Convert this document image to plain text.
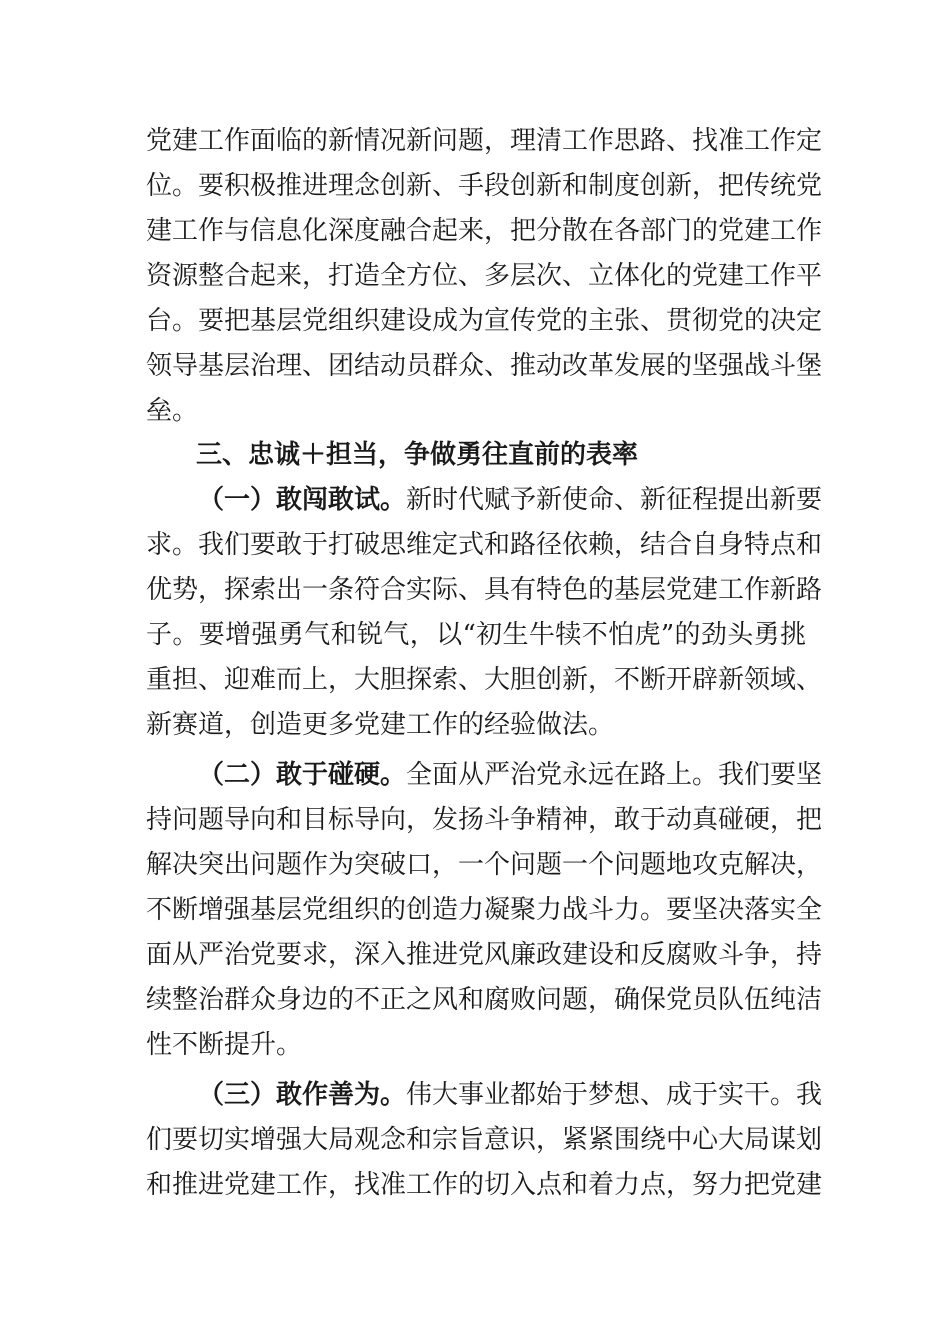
党建工作面临的新情况新问题，理清工作思路、找准工作定
位。要积极推进理念创新、手段创新和制度创新，把传统党
建工作与信息化深度融合起来，把分散在各部门的党建工作
资源整合起来，打造全方位、多层次、立体化的党建工作平
台。要把基层党组织建设成为宣传党的主张、贯彻党的决定
领导基层治理、团结动员群众、推动改革发展的坚强战斗堡
垒。
三、忠诚＋担当，争做勇往直前的表率
（一）敢闯敢试。新时代赋予新使命、新征程提出新要
求。我们要敢于打破思维定式和路径依赖，结合自身特点和
优势，探索出一条符合实际、具有特色的基层党建工作新路
子。要增强勇气和锐气，以“初生牛犊不怕虎”的劲头勇挑
重担、迎难而上，大胆探索、大胆创新，不断开辟新领域、
新赛道，创造更多党建工作的经验做法。
（二）敢于碰硬。全面从严治党永远在路上。我们要坚
持问题导向和目标导向，发扬斗争精神，敢于动真碰硬，把
解决突出问题作为突破口，一个问题一个问题地攻克解决，
不断增强基层党组织的创造力凝聚力战斗力。要坚决落实全
面从严治党要求，深入推进党风廉政建设和反腐败斗争，持
续整治群众身边的不正之风和腐败问题，确保党员队伍纯洁
性不断提升。
（三）敢作善为。伟大事业都始于梦想、成于实干。我
们要切实增强大局观念和宗旨意识，紧紧围绕中心大局谋划
和推进党建工作，找准工作的切入点和着力点，努力把党建
